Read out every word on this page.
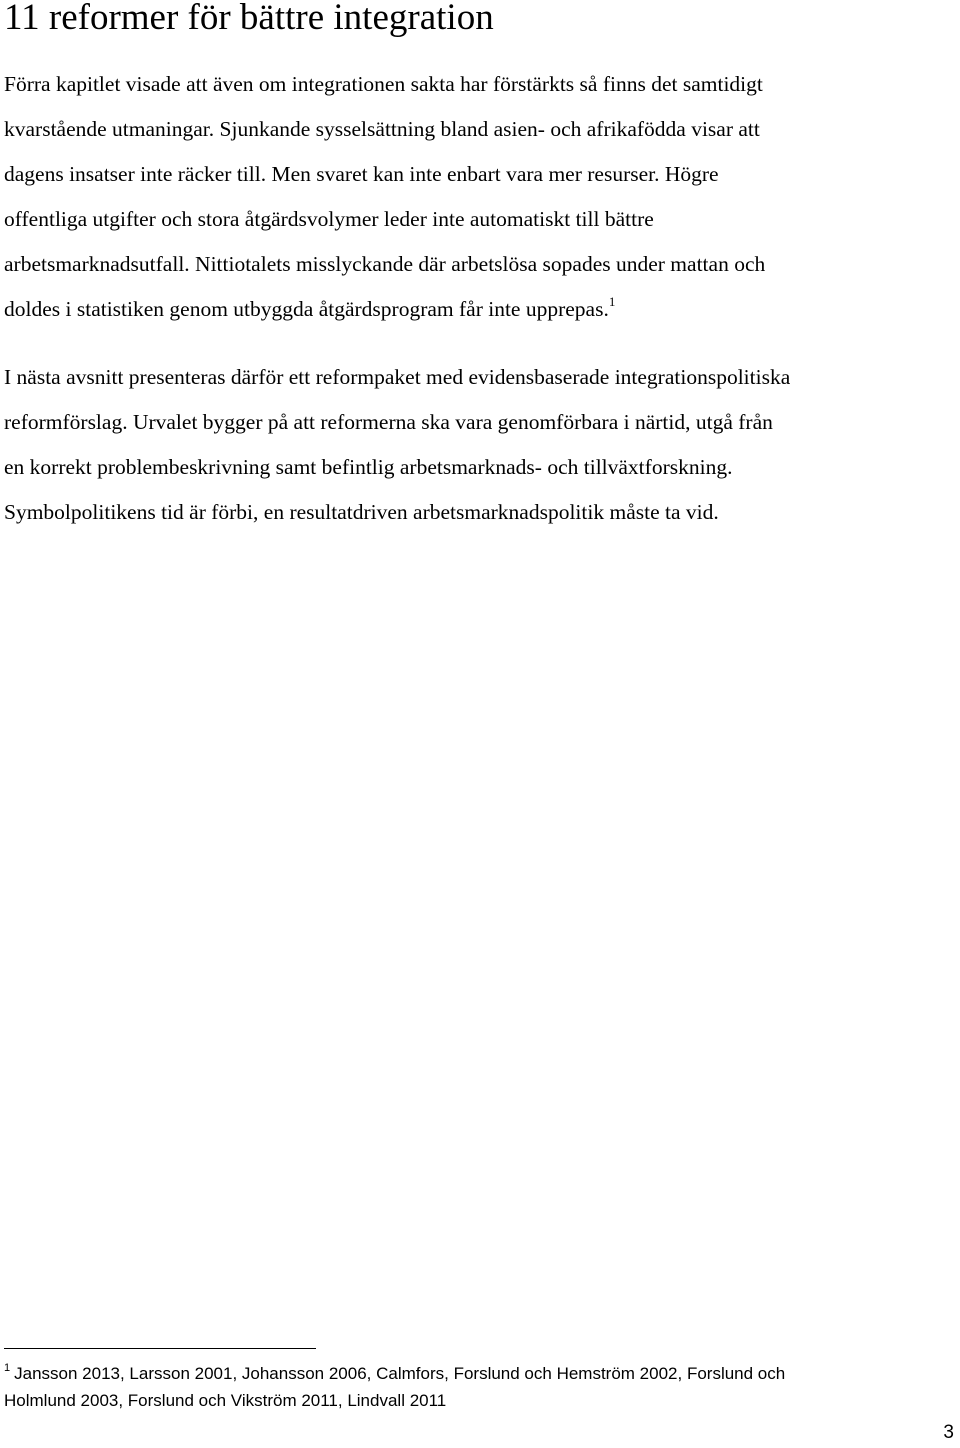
11 reformer för bättre integration

Förra kapitlet visade att även om integrationen sakta har förstärkts så finns det samtidigt
kvarstående utmaningar. Sjunkande sysselsättning bland asien- och afrikafödda visar att
dagens insatser inte räcker till. Men svaret kan inte enbart vara mer resurser. Högre
offentliga utgifter och stora åtgärdsvolymer leder inte automatiskt till bättre
arbetsmarknadsutfall. Nittiotalets misslyckande där arbetslösa sopades under mattan och
doldes i statistiken genom utbyggda åtgärdsprogram får inte upprepas.$^1$

I nästa avsnitt presenteras därför ett reformpaket med evidensbaserade integrationspolitiska
reformförslag. Urvalet bygger på att reformerna ska vara genomförbara i närtid, utgå från
en korrekt problembeskrivning samt befintlig arbetsmarknads- och tillväxtforskning.
Symbolpolitikens tid är förbi, en resultatdriven arbetsmarknadspolitik måste ta vid.

$^1$ Jansson 2013, Larsson 2001, Johansson 2006, Calmfors, Forslund och Hemström 2002, Forslund och
Holmlund 2003, Forslund och Vikström 2011, Lindvall 2011
3
